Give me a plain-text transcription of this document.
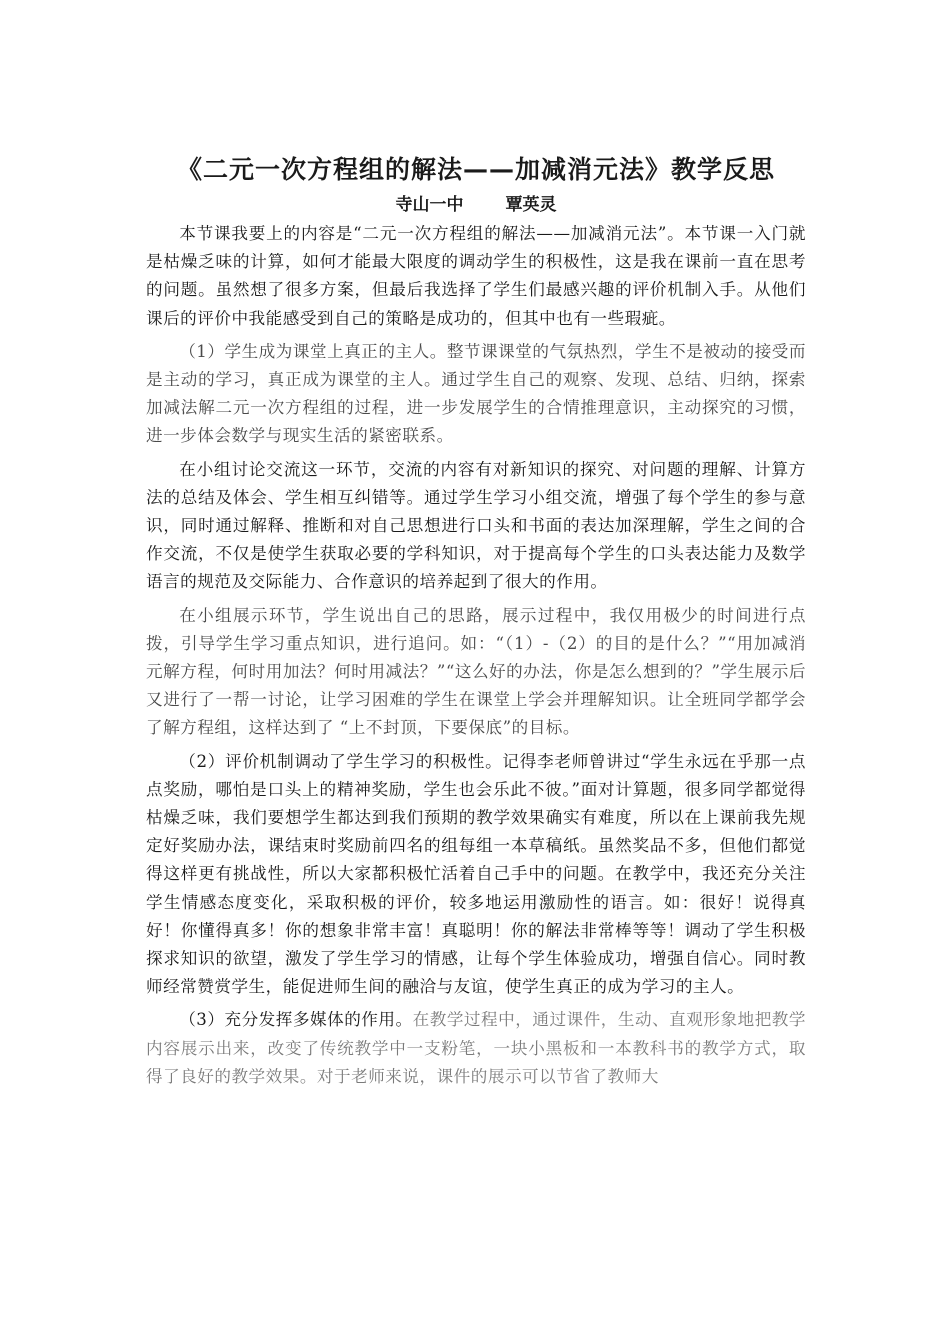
《二元一次方程组的解法——加减消元法》教学反思
寺山一中 覃英灵

本节课我要上的内容是“二元一次方程组的解法——加减消元法”。本节课一入门就是枯燥乏味的计算，如何才能最大限度的调动学生的积极性，这是我在课前一直在思考的问题。虽然想了很多方案，但最后我选择了学生们最感兴趣的评价机制入手。从他们课后的评价中我能感受到自己的策略是成功的，但其中也有一些瑕疵。

（1）学生成为课堂上真正的主人。整节课课堂的气氛热烈，学生不是被动的接受而是主动的学习，真正成为课堂的主人。通过学生自己的观察、发现、总结、归纳，探索加减法解二元一次方程组的过程，进一步发展学生的合情推理意识，主动探究的习惯，进一步体会数学与现实生活的紧密联系。

在小组讨论交流这一环节，交流的内容有对新知识的探究、对问题的理解、计算方法的总结及体会、学生相互纠错等。通过学生学习小组交流，增强了每个学生的参与意识，同时通过解释、推断和对自己思想进行口头和书面的表达加深理解，学生之间的合作交流，不仅是使学生获取必要的学科知识，对于提高每个学生的口头表达能力及数学语言的规范及交际能力、合作意识的培养起到了很大的作用。

在小组展示环节，学生说出自己的思路，展示过程中，我仅用极少的时间进行点拨，引导学生学习重点知识，进行追问。如：“（1）-（2）的目的是什么？”“用加减消元解方程，何时用加法？何时用减法？”“这么好的办法，你是怎么想到的？”学生展示后又进行了一帮一讨论，让学习困难的学生在课堂上学会并理解知识。让全班同学都学会了解方程组，这样达到了 “上不封顶，下要保底”的目标。

（2）评价机制调动了学生学习的积极性。记得李老师曾讲过“学生永远在乎那一点点奖励，哪怕是口头上的精神奖励，学生也会乐此不彼。”面对计算题，很多同学都觉得枯燥乏味，我们要想学生都达到我们预期的教学效果确实有难度，所以在上课前我先规定好奖励办法，课结束时奖励前四名的组每组一本草稿纸。虽然奖品不多，但他们都觉得这样更有挑战性，所以大家都积极忙活着自己手中的问题。在教学中，我还充分关注学生情感态度变化，采取积极的评价，较多地运用激励性的语言。如：很好！说得真好！你懂得真多！你的想象非常丰富！真聪明！你的解法非常棒等等！调动了学生积极探求知识的欲望，激发了学生学习的情感，让每个学生体验成功，增强自信心。同时教师经常赞赏学生，能促进师生间的融洽与友谊，使学生真正的成为学习的主人。

（3）充分发挥多媒体的作用。在教学过程中，通过课件，生动、直观形象地把教学内容展示出来，改变了传统教学中一支粉笔，一块小黑板和一本教科书的教学方式，取得了良好的教学效果。对于老师来说，课件的展示可以节省了教师大
